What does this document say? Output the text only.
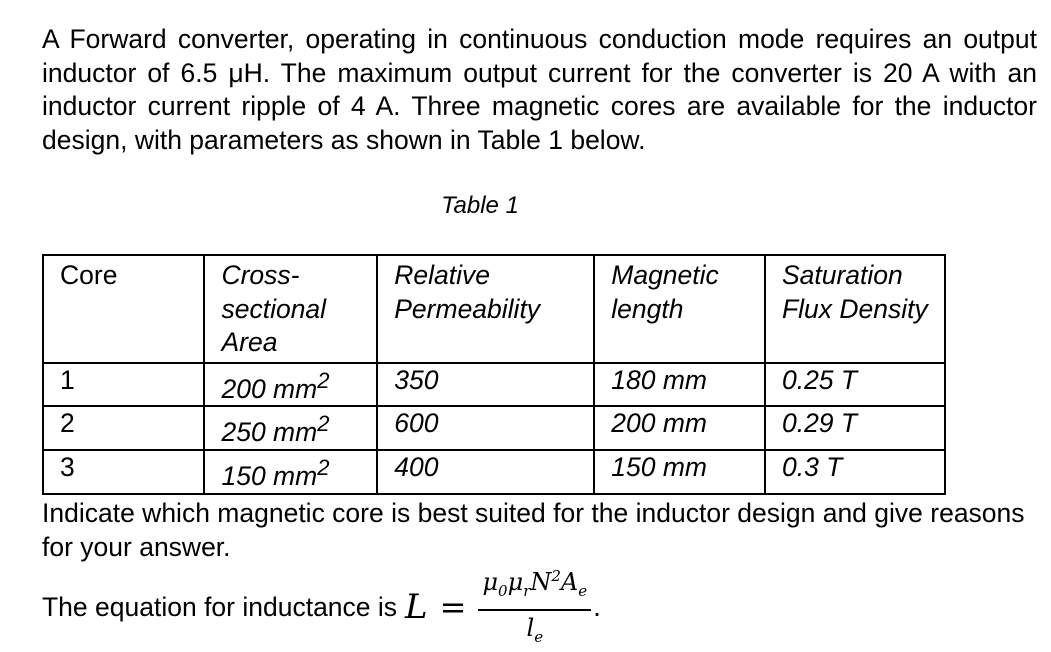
A Forward converter, operating in continuous conduction mode requires an output inductor of 6.5 μH. The maximum output current for the converter is 20 A with an inductor current ripple of 4 A. Three magnetic cores are available for the inductor design, with parameters as shown in Table 1 below.

Table 1
Core	Cross-sectional Area	Relative Permeability	Magnetic length	Saturation Flux Density
1	200 $mm^2$	350	180 mm	0.25 T
2	250 $mm^2$	600	200 mm	0.29 T
3	150 $mm^2$	400	150 mm	0.3 T

Indicate which magnetic core is best suited for the inductor design and give reasons for your answer.

The equation for inductance is $L = \frac{\mu_0\mu_rN^2A_e}{l_e}$ .
